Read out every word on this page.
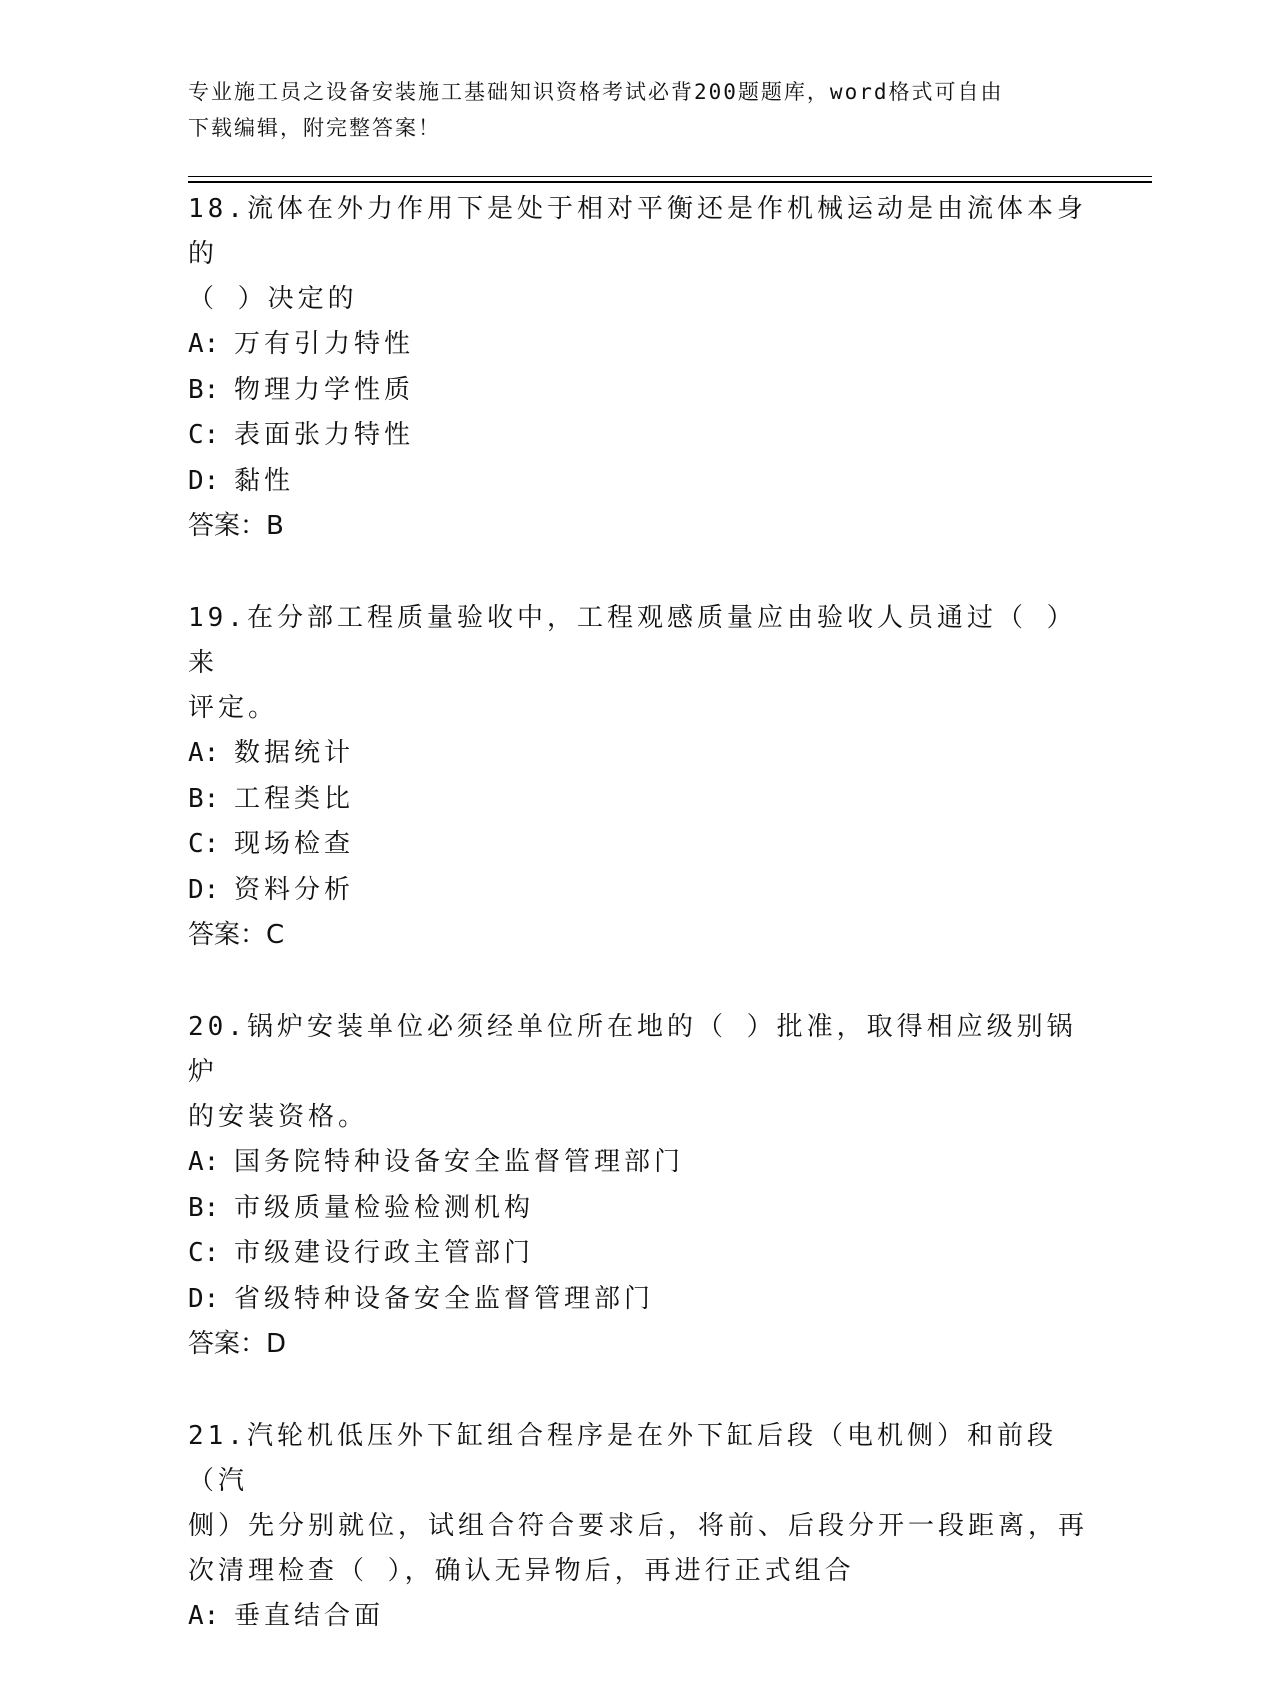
专业施工员之设备安装施工基础知识资格考试必背200题题库，word格式可自由
下载编辑，附完整答案！
18.流体在外力作用下是处于相对平衡还是作机械运动是由流体本身的
（ ）决定的
A: 万有引力特性
B: 物理力学性质
C: 表面张力特性
D: 黏性
答案：B
19.在分部工程质量验收中，工程观感质量应由验收人员通过（ ）来
评定。
A: 数据统计
B: 工程类比
C: 现场检查
D: 资料分析
答案：C
20.锅炉安装单位必须经单位所在地的（ ）批准，取得相应级别锅炉
的安装资格。
A: 国务院特种设备安全监督管理部门
B: 市级质量检验检测机构
C: 市级建设行政主管部门
D: 省级特种设备安全监督管理部门
答案：D
21.汽轮机低压外下缸组合程序是在外下缸后段（电机侧）和前段（汽
侧）先分别就位，试组合符合要求后，将前、后段分开一段距离，再
次清理检查（ ），确认无异物后，再进行正式组合
A: 垂直结合面
